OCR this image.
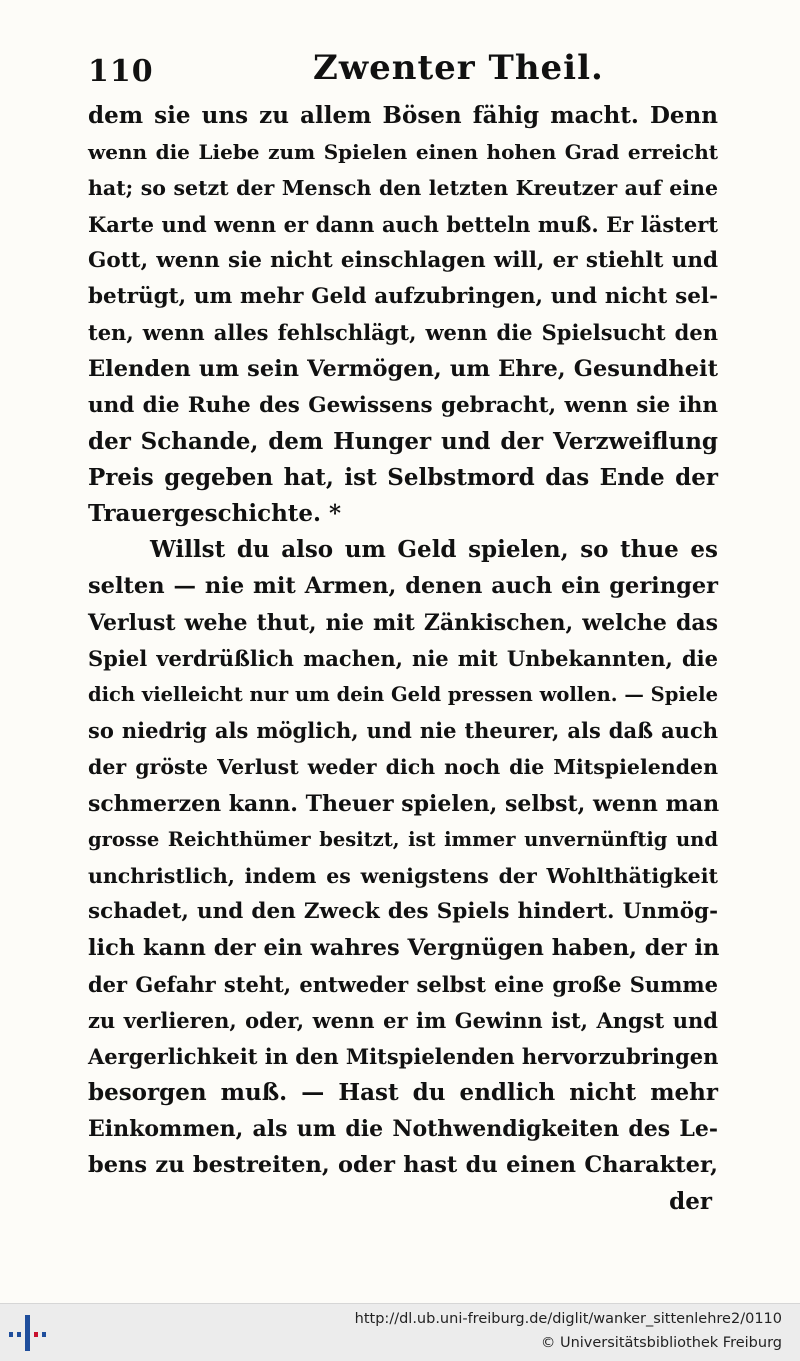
110	Zwenter Theil.
dem sie uns zu allem Bösen fähig macht. Denn
wenn die Liebe zum Spielen einen hohen Grad erreicht
hat; so setzt der Mensch den letzten Kreutzer auf eine
Karte und wenn er dann auch betteln muß. Er lästert
Gott, wenn sie nicht einschlagen will, er stiehlt und
betrügt, um mehr Geld aufzubringen, und nicht sel-
ten, wenn alles fehlschlägt, wenn die Spielsucht den
Elenden um sein Vermögen, um Ehre, Gesundheit
und die Ruhe des Gewissens gebracht, wenn sie ihn
der Schande, dem Hunger und der Verzweiflung
Preis gegeben hat, ist Selbstmord das Ende der
Trauergeschichte. *
Willst du also um Geld spielen, so thue es
selten — nie mit Armen, denen auch ein geringer
Verlust wehe thut, nie mit Zänkischen, welche das
Spiel verdrüßlich machen, nie mit Unbekannten, die
dich vielleicht nur um dein Geld pressen wollen. — Spiele
so niedrig als möglich, und nie theurer, als daß auch
der gröste Verlust weder dich noch die Mitspielenden
schmerzen kann. Theuer spielen, selbst, wenn man
grosse Reichthümer besitzt, ist immer unvernünftig und
unchristlich, indem es wenigstens der Wohlthätigkeit
schadet, und den Zweck des Spiels hindert. Unmög-
lich kann der ein wahres Vergnügen haben, der in
der Gefahr steht, entweder selbst eine große Summe
zu verlieren, oder, wenn er im Gewinn ist, Angst und
Aergerlichkeit in den Mitspielenden hervorzubringen
besorgen muß. — Hast du endlich nicht mehr
Einkommen, als um die Nothwendigkeiten des Le-
bens zu bestreiten, oder hast du einen Charakter,
der
http://dl.ub.uni-freiburg.de/diglit/wanker_sittenlehre2/0110
© Universitätsbibliothek Freiburg
